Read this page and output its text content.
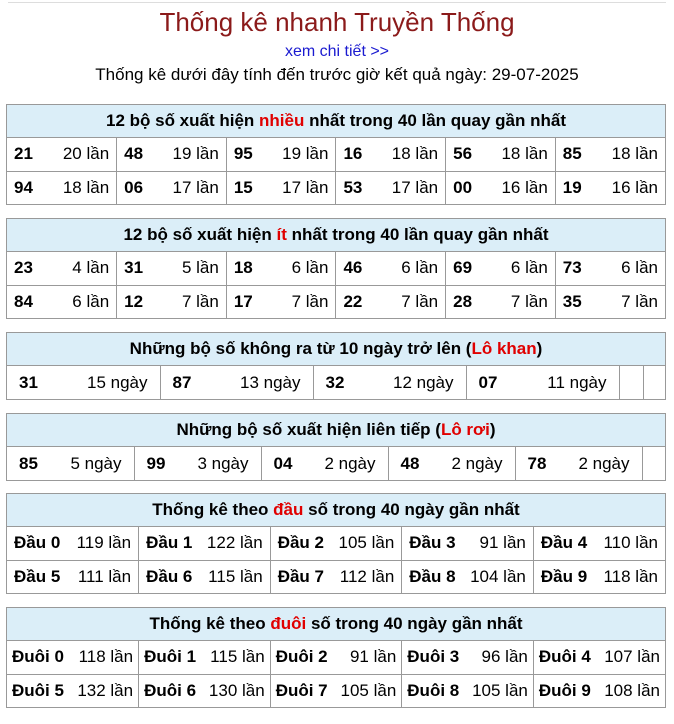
Thống kê nhanh Truyền Thống
xem chi tiết >>
Thống kê dưới đây tính đến trước giờ kết quả ngày: 29-07-2025
12 bộ số xuất hiện nhiều nhất trong 40 lần quay gần nhất
21 20 lần	48 19 lần	95 19 lần	16 18 lần	56 18 lần	85 18 lần

94 18 lần	06 17 lần	15 17 lần	53 17 lần	00 16 lần	19 16 lần
12 bộ số xuất hiện ít nhất trong 40 lần quay gần nhất
23 4 lần	31 5 lần	18 6 lần	46 6 lần	69 6 lần	73 6 lần

84 6 lần	12 7 lần	17 7 lần	22 7 lần	28 7 lần	35 7 lần
Những bộ số không ra từ 10 ngày trở lên (Lô khan)
31	15 ngày	87	13 ngày	32	12 ngày	07	11 ngày

Những bộ số xuất hiện liên tiếp (Lô rơi)
85 5 ngày	99 3 ngày	04 2 ngày	48 2 ngày	78 2 ngày

Thống kê theo đầu số trong 40 ngày gần nhất
Đầu 0 119 lần	Đầu 1 122 lần	Đầu 2 105 lần	Đầu 3 91 lần	Đầu 4 110 lần

Đầu 5 111 lần	Đầu 6 115 lần	Đầu 7 112 lần	Đầu 8 104 lần	Đầu 9 118 lần
Thống kê theo đuôi số trong 40 ngày gần nhất
Đuôi 0 118 lần	Đuôi 1 115 lần	Đuôi 2 91 lần	Đuôi 3 96 lần	Đuôi 4 107 lần

Đuôi 5 132 lần	Đuôi 6 130 lần	Đuôi 7 105 lần	Đuôi 8 105 lần	Đuôi 9 108 lần
